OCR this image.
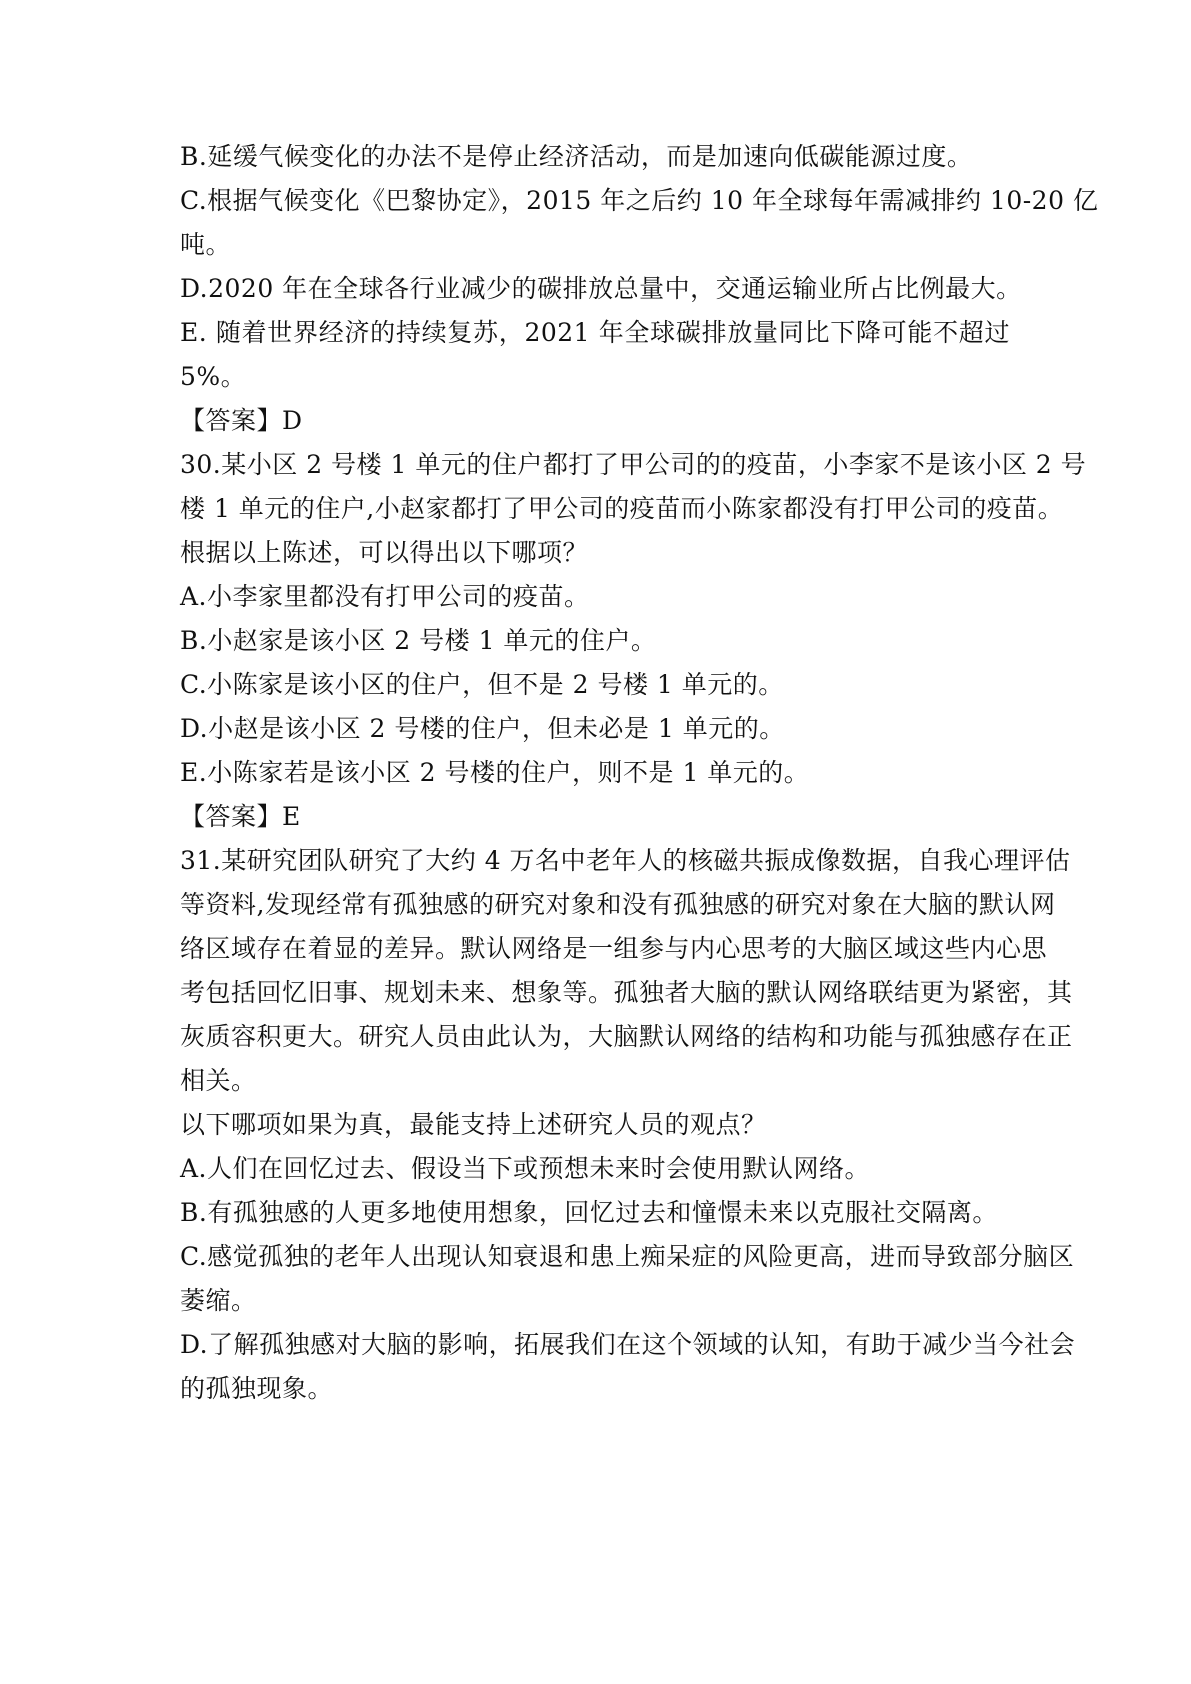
B.延缓气候变化的办法不是停止经济活动，而是加速向低碳能源过度。
C.根据气候变化《巴黎协定》，2015 年之后约 10 年全球每年需减排约 10-20 亿
吨。
D.2020 年在全球各行业减少的碳排放总量中，交通运输业所占比例最大。
E. 随着世界经济的持续复苏，2021 年全球碳排放量同比下降可能不超过
5%。
【答案】D
30.某小区 2 号楼 1 单元的住户都打了甲公司的的疫苗，小李家不是该小区 2 号
楼 1 单元的住户,小赵家都打了甲公司的疫苗而小陈家都没有打甲公司的疫苗。
根据以上陈述，可以得出以下哪项？
A.小李家里都没有打甲公司的疫苗。
B.小赵家是该小区 2 号楼 1 单元的住户。
C.小陈家是该小区的住户，但不是 2 号楼 1 单元的。
D.小赵是该小区 2 号楼的住户，但未必是 1 单元的。
E.小陈家若是该小区 2 号楼的住户，则不是 1 单元的。
【答案】E
31.某研究团队研究了大约 4 万名中老年人的核磁共振成像数据，自我心理评估
等资料,发现经常有孤独感的研究对象和没有孤独感的研究对象在大脑的默认网
络区域存在着显的差异。默认网络是一组参与内心思考的大脑区域这些内心思
考包括回忆旧事、规划未来、想象等。孤独者大脑的默认网络联结更为紧密，其
灰质容积更大。研究人员由此认为，大脑默认网络的结构和功能与孤独感存在正
相关。
以下哪项如果为真，最能支持上述研究人员的观点？
A.人们在回忆过去、假设当下或预想未来时会使用默认网络。
B.有孤独感的人更多地使用想象，回忆过去和憧憬未来以克服社交隔离。
C.感觉孤独的老年人出现认知衰退和患上痴呆症的风险更高，进而导致部分脑区
萎缩。
D.了解孤独感对大脑的影响，拓展我们在这个领域的认知，有助于减少当今社会
的孤独现象。
